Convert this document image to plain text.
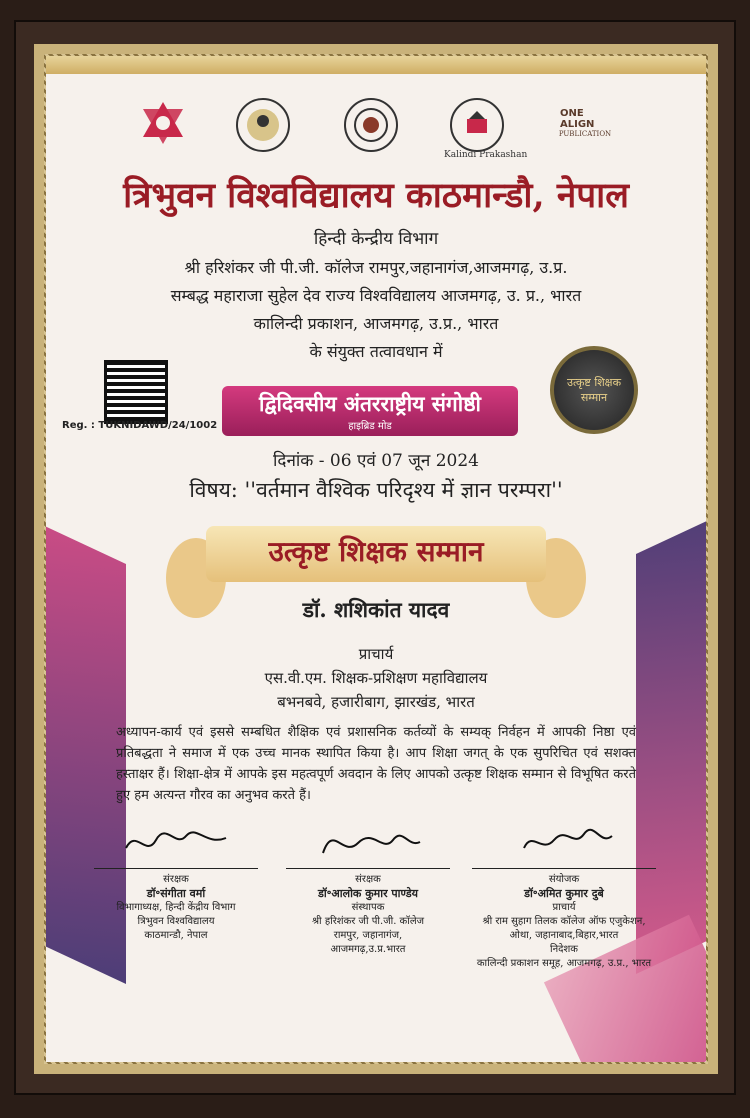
Kalindi Prakashan
ONE ALIGN
PUBLICATION
त्रिभुवन विश्वविद्यालय काठमान्डौ, नेपाल
हिन्दी केन्द्रीय विभाग
श्री हरिशंकर जी पी.जी. कॉलेज रामपुर,जहानागंज,आजमगढ़, उ.प्र.
सम्बद्ध महाराजा सुहेल देव राज्य विश्वविद्यालय आजमगढ़, उ. प्र., भारत
कालिन्दी प्रकाशन, आजमगढ़, उ.प्र., भारत
के संयुक्त तत्वावधान में
Reg. : TUKNIDAWD/24/1002
उत्कृष्ट शिक्षक सम्मान
द्विदिवसीय अंतरराष्ट्रीय संगोष्ठी
हाइब्रिड मोड
दिनांक - 06 एवं 07 जून 2024
विषय: ''वर्तमान वैश्विक परिदृश्य में ज्ञान परम्परा''
उत्कृष्ट शिक्षक सम्मान
डॉ. शशिकांत यादव
प्राचार्य
एस.वी.एम. शिक्षक-प्रशिक्षण महाविद्यालय
बभनबवे, हजारीबाग, झारखंड, भारत
अध्यापन-कार्य एवं इससे सम्बधित शैक्षिक एवं प्रशासनिक कर्तव्यों के सम्यक् निर्वहन में आपकी निष्ठा एवं प्रतिबद्धता ने समाज में एक उच्च मानक स्थापित किया है। आप शिक्षा जगत् के एक सुपरिचित एवं सशक्त हस्ताक्षर हैं। शिक्षा-क्षेत्र में आपके इस महत्वपूर्ण अवदान के लिए आपको उत्कृष्ट शिक्षक सम्मान से विभूषित करते हुए हम अत्यन्त गौरव का अनुभव करते हैं।
संरक्षक
डॉ॰संगीता वर्मा
विभागाध्यक्ष, हिन्दी केंद्रीय विभाग
त्रिभुवन विश्वविद्यालय
काठमान्डौ, नेपाल
संरक्षक
डॉ॰आलोक कुमार पाण्डेय
संस्थापक
श्री हरिशंकर जी पी.जी. कॉलेज
रामपुर, जहानागंज,
आजमगढ़,उ.प्र.भारत
संयोजक
डॉ॰अमित कुमार दुबे
प्राचार्य
श्री राम सुहाग तिलक कॉलेज ऑफ एजुकेशन,
ओथा, जहानाबाद,बिहार,भारत
निदेशक
कालिन्दी प्रकाशन समूह, आजमगढ़, उ.प्र., भारत
